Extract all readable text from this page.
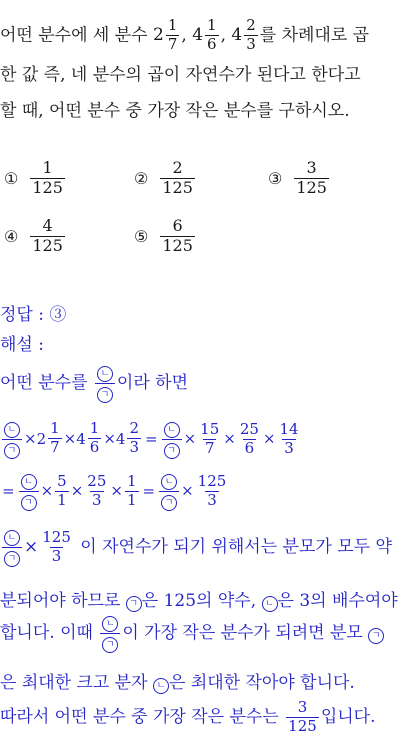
어떤 분수에 세 분수 $2 \frac{1}{7}$ , $4 \frac{1}{6}$ , $4 \frac{2}{3}$ 를 차례대로 곱
한 값 즉, 네 분수의 곱이 자연수가 된다고 한다고
할 때, 어떤 분수 중 가장 작은 분수를 구하시오.
① $\frac{1}{125}$	② $\frac{2}{125}$	③ $\frac{3}{125}$
④ $\frac{4}{125}$	⑤ $\frac{6}{125}$
정답 : ③
해설 :
어떤 분수를 $\frac{\text{ㄴ}}{\text{ㄱ}}$ 이라 하면
$\frac{\text{ㄴ}}{\text{ㄱ}} \times 2 \frac{1}{7} \times 4 \frac{1}{6} \times 4 \frac{2}{3} = \frac{\text{ㄴ}}{\text{ㄱ}} \times \frac{15}{7} \times \frac{25}{6} \times \frac{14}{3}$
= $\frac{\text{ㄴ}}{\text{ㄱ}} \times \frac{5}{1} \times \frac{25}{3} \times \frac{1}{1} = \frac{\text{ㄴ}}{\text{ㄱ}} \times \frac{125}{3}$
$\frac{\text{ㄴ}}{\text{ㄱ}} \times \frac{125}{3}$ 이 자연수가 되기 위해서는 분모가 모두 약
분되어야 하므로 ㄱ 은 125의 약수, ㄴ 은 3의 배수여야
합니다. 이때 $\frac{\text{ㄴ}}{\text{ㄱ}}$ 이 가장 작은 분수가 되려면 분모 ㄱ
은 최대한 크고 분자 ㄴ 은 최대한 작아야 합니다.
따라서 어떤 분수 중 가장 작은 분수는 $\frac{3}{125}$ 입니다.
